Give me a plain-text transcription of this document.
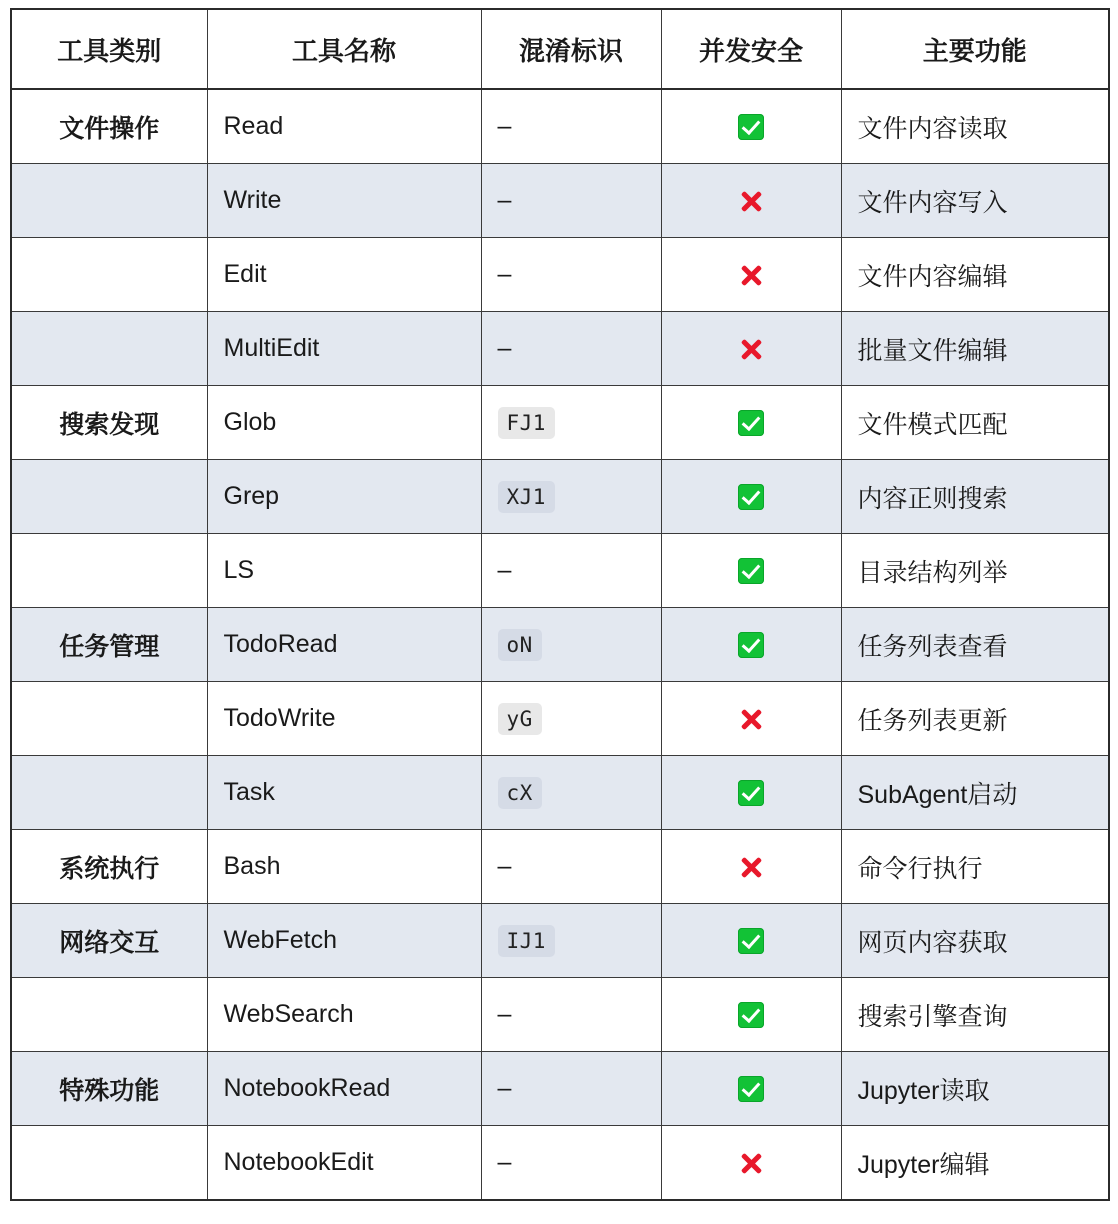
工具类别	工具名称	混淆标识	并发安全	主要功能
文件操作	Read	–		文件内容读取
	Write	–		文件内容写入
	Edit	–		文件内容编辑
	MultiEdit	–		批量文件编辑
搜索发现	Glob	FJ1		文件模式匹配
	Grep	XJ1		内容正则搜索
	LS	–		目录结构列举
任务管理	TodoRead	oN		任务列表查看
	TodoWrite	yG		任务列表更新
	Task	cX		SubAgent启动
系统执行	Bash	–		命令行执行
网络交互	WebFetch	IJ1		网页内容获取
	WebSearch	–		搜索引擎查询
特殊功能	NotebookRead	–		Jupyter读取
	NotebookEdit	–		Jupyter编辑
